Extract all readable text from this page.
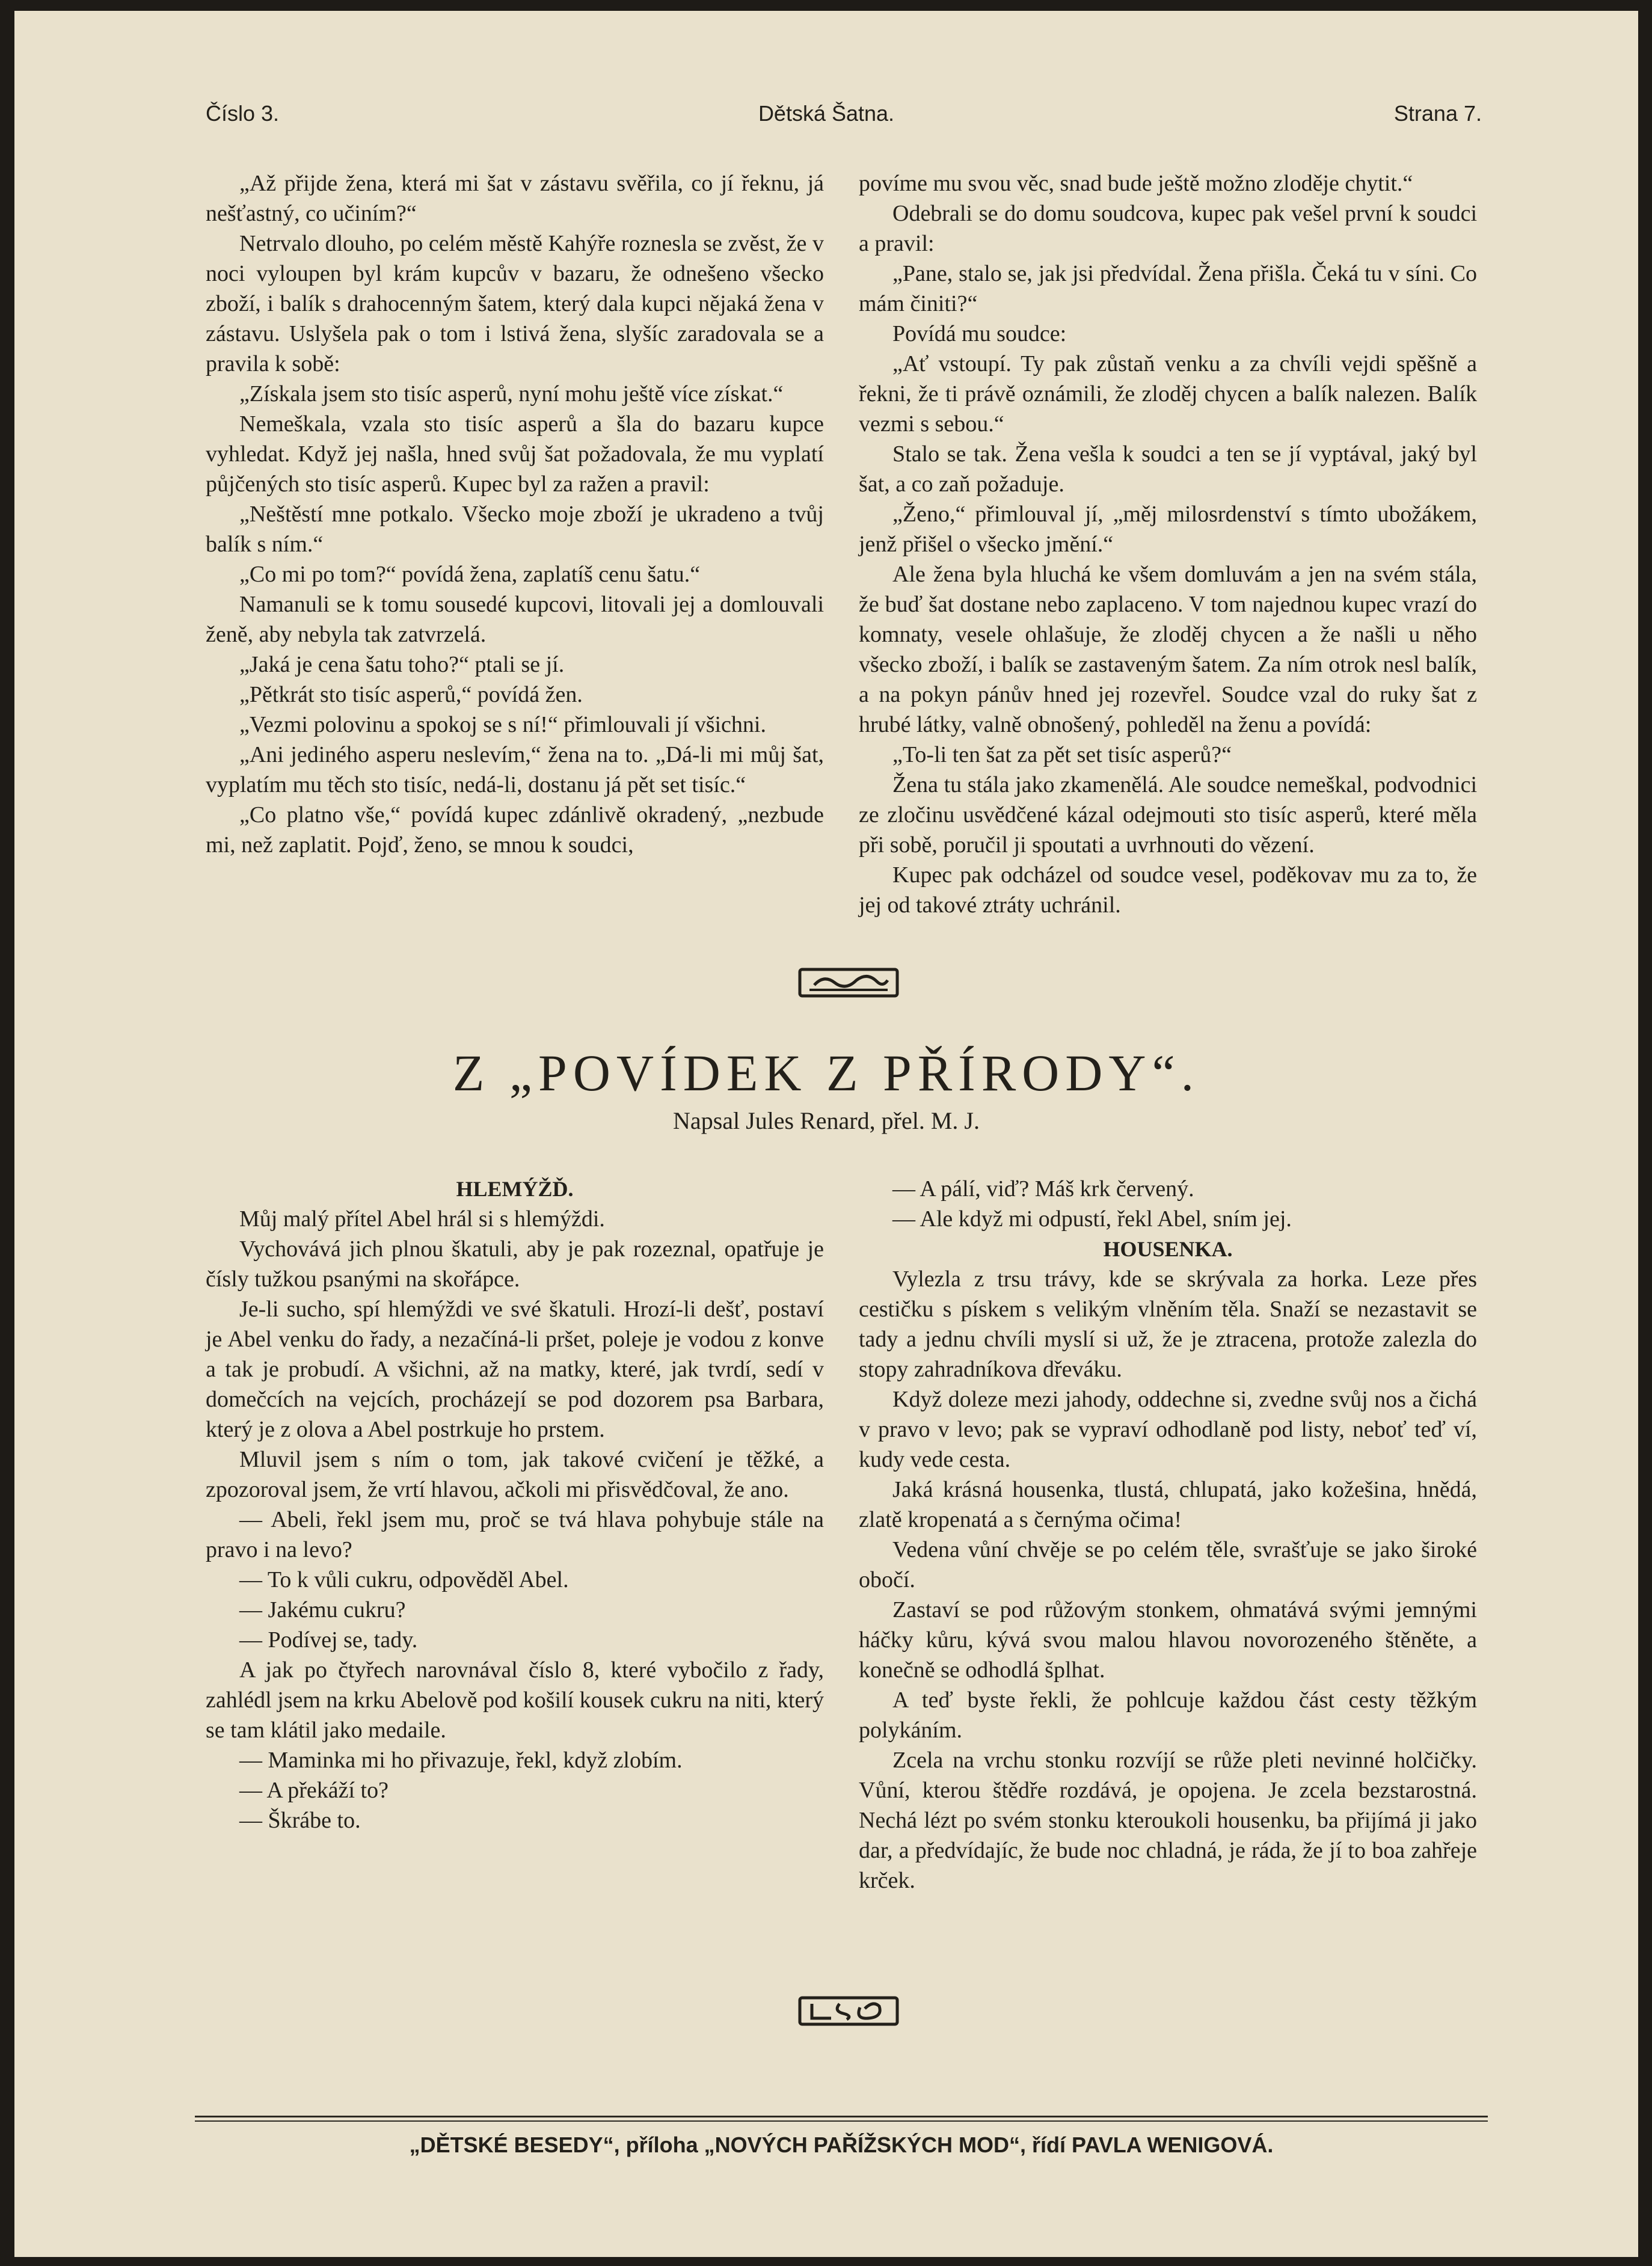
Číslo 3.	Dětská Šatna.	Strana 7.

„Až přijde žena, která mi šat v zástavu svěřila, co jí řeknu, já nešťastný, co učiním?“

Netrvalo dlouho, po celém městě Kahýře roznesla se zvěst, že v noci vyloupen byl krám kupcův v bazaru, že odnešeno všecko zboží, i balík s drahocenným šatem, který dala kupci nějaká žena v zástavu. Uslyšela pak o tom i lstivá žena, slyšíc zaradovala se a pravila k sobě:

„Získala jsem sto tisíc asperů, nyní mohu ještě více získat.“

Nemeškala, vzala sto tisíc asperů a šla do bazaru kupce vyhledat. Když jej našla, hned svůj šat požadovala, že mu vyplatí půjčených sto tisíc asperů. Kupec byl za ražen a pravil:

„Neštěstí mne potkalo. Všecko moje zboží je ukradeno a tvůj balík s ním.“

„Co mi po tom?“ povídá žena, zaplatíš cenu šatu.“

Namanuli se k tomu sousedé kupcovi, litovali jej a domlouvali ženě, aby nebyla tak zatvrzelá.

„Jaká je cena šatu toho?“ ptali se jí.

„Pětkrát sto tisíc asperů,“ povídá žen.

„Vezmi polovinu a spokoj se s ní!“ přimlouvali jí všichni.

„Ani jediného asperu neslevím,“ žena na to. „Dá-li mi můj šat, vyplatím mu těch sto tisíc, nedá-li, dostanu já pět set tisíc.“

„Co platno vše,“ povídá kupec zdánlivě okradený, „nezbude mi, než zaplatit. Pojď, ženo, se mnou k soudci,

povíme mu svou věc, snad bude ještě možno zloděje chytit.“

Odebrali se do domu soudcova, kupec pak vešel první k soudci a pravil:

„Pane, stalo se, jak jsi předvídal. Žena přišla. Čeká tu v síni. Co mám činiti?“

Povídá mu soudce:

„Ať vstoupí. Ty pak zůstaň venku a za chvíli vejdi spěšně a řekni, že ti právě oznámili, že zloděj chycen a balík nalezen. Balík vezmi s sebou.“

Stalo se tak. Žena vešla k soudci a ten se jí vyptával, jaký byl šat, a co zaň požaduje.

„Ženo,“ přimlouval jí, „měj milosrdenství s tímto ubožákem, jenž přišel o všecko jmění.“

Ale žena byla hluchá ke všem domluvám a jen na svém stála, že buď šat dostane nebo zaplaceno. V tom najednou kupec vrazí do komnaty, vesele ohlašuje, že zloděj chycen a že našli u něho všecko zboží, i balík se zastaveným šatem. Za ním otrok nesl balík, a na pokyn pánův hned jej rozevřel. Soudce vzal do ruky šat z hrubé látky, valně obnošený, pohleděl na ženu a povídá:

„To-li ten šat za pět set tisíc asperů?“

Žena tu stála jako zkamenělá. Ale soudce nemeškal, podvodnici ze zločinu usvědčené kázal odejmouti sto tisíc asperů, které měla při sobě, poručil ji spoutati a uvrhnouti do vězení.

Kupec pak odcházel od soudce vesel, poděkovav mu za to, že jej od takové ztráty uchránil.

Z „POVÍDEK Z PŘÍRODY“.
Napsal Jules Renard, přel. M. J.

HLEMÝŽĎ.

Můj malý přítel Abel hrál si s hlemýždi.

Vychovává jich plnou škatuli, aby je pak rozeznal, opatřuje je čísly tužkou psanými na skořápce.

Je-li sucho, spí hlemýždi ve své škatuli. Hrozí-li dešť, postaví je Abel venku do řady, a nezačíná-li pršet, poleje je vodou z konve a tak je probudí. A všichni, až na matky, které, jak tvrdí, sedí v domečcích na vejcích, procházejí se pod dozorem psa Barbara, který je z olova a Abel postrkuje ho prstem.

Mluvil jsem s ním o tom, jak takové cvičení je těžké, a zpozoroval jsem, že vrtí hlavou, ačkoli mi přisvědčoval, že ano.

— Abeli, řekl jsem mu, proč se tvá hlava pohybuje stále na pravo i na levo?

— To k vůli cukru, odpověděl Abel.

— Jakému cukru?

— Podívej se, tady.

A jak po čtyřech narovnával číslo 8, které vybočilo z řady, zahlédl jsem na krku Abelově pod košilí kousek cukru na niti, který se tam klátil jako medaile.

— Maminka mi ho přivazuje, řekl, když zlobím.

— A překáží to?

— Škrábe to.

— A pálí, viď? Máš krk červený.

— Ale když mi odpustí, řekl Abel, sním jej.

HOUSENKA.

Vylezla z trsu trávy, kde se skrývala za horka. Leze přes cestičku s pískem s velikým vlněním těla. Snaží se nezastavit se tady a jednu chvíli myslí si už, že je ztracena, protože zalezla do stopy zahradníkova dřeváku.

Když doleze mezi jahody, oddechne si, zvedne svůj nos a čichá v pravo v levo; pak se vypraví odhodlaně pod listy, neboť teď ví, kudy vede cesta.

Jaká krásná housenka, tlustá, chlupatá, jako kožešina, hnědá, zlatě kropenatá a s černýma očima!

Vedena vůní chvěje se po celém těle, svrašťuje se jako široké obočí.

Zastaví se pod růžovým stonkem, ohmatává svými jemnými háčky kůru, kývá svou malou hlavou novorozeného štěněte, a konečně se odhodlá šplhat.

A teď byste řekli, že pohlcuje každou část cesty těžkým polykáním.

Zcela na vrchu stonku rozvíjí se růže pleti nevinné holčičky. Vůní, kterou štědře rozdává, je opojena. Je zcela bezstarostná. Nechá lézt po svém stonku kteroukoli housenku, ba přijímá ji jako dar, a předvídajíc, že bude noc chladná, je ráda, že jí to boa zahřeje krček.

„DĚTSKÉ BESEDY“, příloha „NOVÝCH PAŘÍŽSKÝCH MOD“, řídí PAVLA WENIGOVÁ.
